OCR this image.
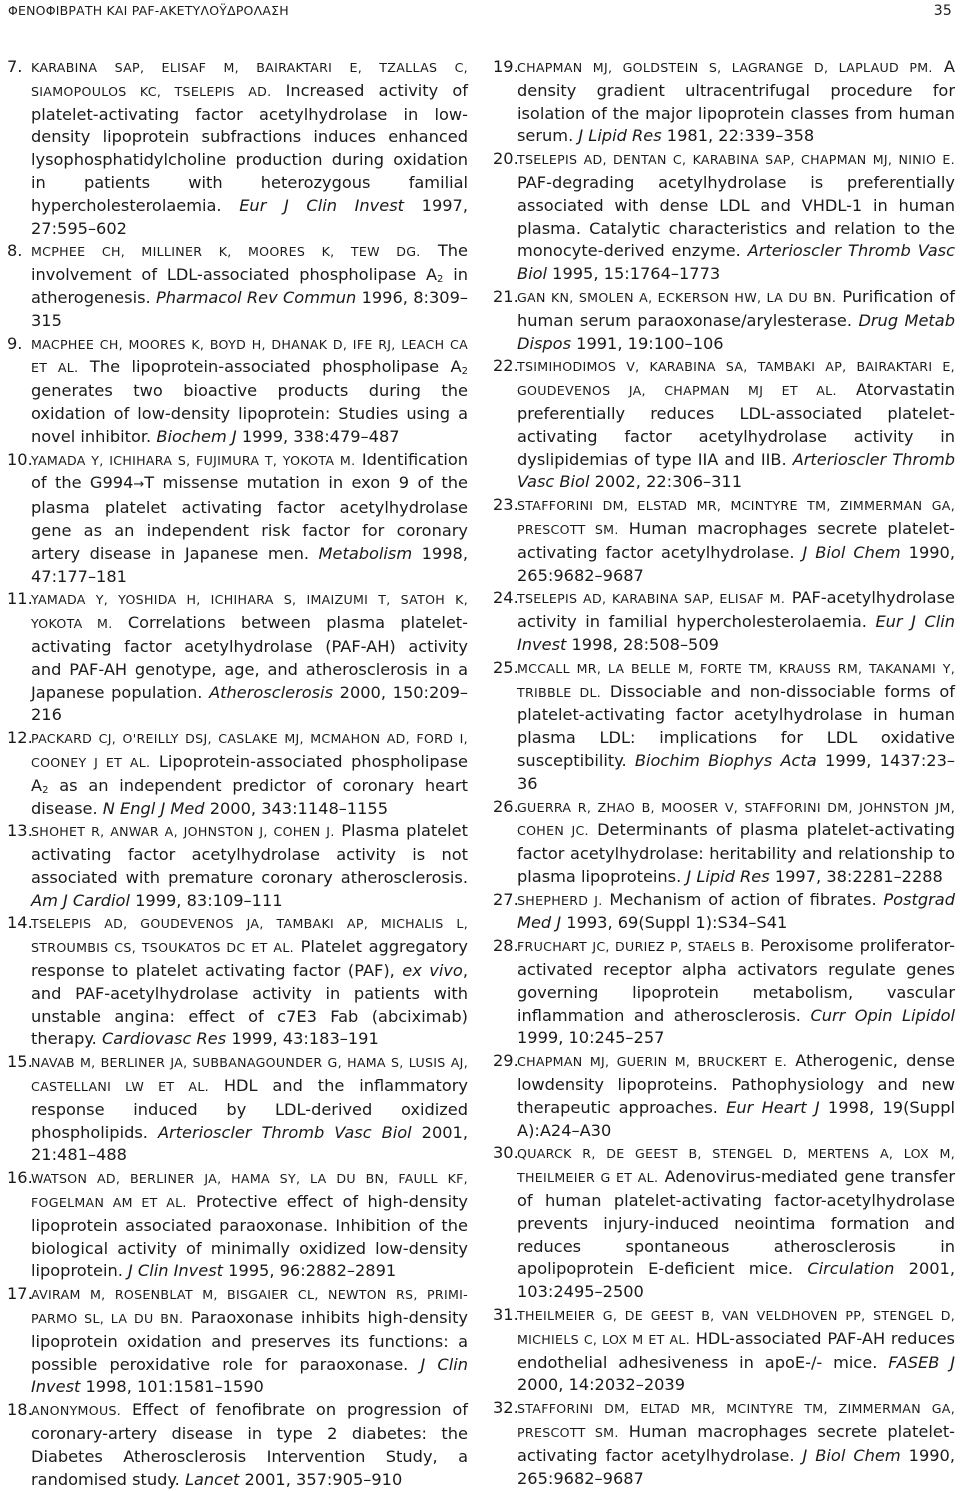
ΦΕΝΟΦΙΒΡΑΤΗ ΚΑΙ PAF-ΑΚΕΤΥΛΟΫΔΡΟΛΑΣΗ	35

7. KARABINA SAP, ELISAF M, BAIRAKTARI E, TZALLAS C, SIAMOPOULOS KC, TSELEPIS AD. Increased activity of platelet-activating factor acetylhydrolase in low-density lipoprotein subfractions induces enhanced lysophosphatidylcholine production during oxidation in patients with heterozygous familial hypercholesterolaemia. Eur J Clin Invest 1997, 27:595–602

8. MCPHEE CH, MILLINER K, MOORES K, TEW DG. The involvement of LDL-associated phospholipase $A_2$ in atherogenesis. Pharmacol Rev Commun 1996, 8:309–315

9. MACPHEE CH, MOORES K, BOYD H, DHANAK D, IFE RJ, LEACH CA ET AL. The lipoprotein-associated phospholipase $A_2$ generates two bioactive products during the oxidation of low-density lipoprotein: Studies using a novel inhibitor. Biochem J 1999, 338:479–487

10.
YAMADA Y, ICHIHARA S, FUJIMURA T, YOKOTA M. Identification of the G994→T missense mutation in exon 9 of the plasma platelet activating factor acetylhydrolase gene as an independent risk factor for coronary artery disease in Japanese men. Metabolism 1998, 47:177–181

11.
YAMADA Y, YOSHIDA H, ICHIHARA S, IMAIZUMI T, SATOH K, YOKOTA M. Correlations between plasma platelet-activating factor acetylhydrolase (PAF-AH) activity and PAF-AH genotype, age, and atherosclerosis in a Japanese population. Atherosclerosis 2000, 150:209–216

12.
PACKARD CJ, O'REILLY DSJ, CASLAKE MJ, MCMAHON AD, FORD I, COONEY J ET AL. Lipoprotein-associated phospholipase $A_2$ as an independent predictor of coronary heart disease. N Engl J Med 2000, 343:1148–1155

13.
SHOHET R, ANWAR A, JOHNSTON J, COHEN J. Plasma platelet activating factor acetylhydrolase activity is not associated with premature coronary atherosclerosis. Am J Cardiol 1999, 83:109–111

14.
TSELEPIS AD, GOUDEVENOS JA, TAMBAKI AP, MICHALIS L, STROUMBIS CS, TSOUKATOS DC ET AL. Platelet aggregatory response to platelet activating factor (PAF), ex vivo, and PAF-acetylhydrolase activity in patients with unstable angina: effect of c7E3 Fab (abciximab) therapy. Cardiovasc Res 1999, 43:183–191

15.
NAVAB M, BERLINER JA, SUBBANAGOUNDER G, HAMA S, LUSIS AJ, CASTELLANI LW ET AL. HDL and the inflammatory response induced by LDL-derived oxidized phospholipids. Arterioscler Thromb Vasc Biol 2001, 21:481–488

16.
WATSON AD, BERLINER JA, HAMA SY, LA DU BN, FAULL KF, FOGELMAN AM ET AL. Protective effect of high-density lipoprotein associated paraoxonase. Inhibition of the biological activity of minimally oxidized low-density lipoprotein. J Clin Invest 1995, 96:2882–2891

17.
AVIRAM M, ROSENBLAT M, BISGAIER CL, NEWTON RS, PRIMI-PARMO SL, LA DU BN. Paraoxonase inhibits high-density lipoprotein oxidation and preserves its functions: a possible peroxidative role for paraoxonase. J Clin Invest 1998, 101:1581–1590

18.
ANONYMOUS. Effect of fenofibrate on progression of coronary-artery disease in type 2 diabetes: the Diabetes Atherosclerosis Intervention Study, a randomised study. Lancet 2001, 357:905–910

19.
CHAPMAN MJ, GOLDSTEIN S, LAGRANGE D, LAPLAUD PM. A density gradient ultracentrifugal procedure for isolation of the major lipoprotein classes from human serum. J Lipid Res 1981, 22:339–358

20.
TSELEPIS AD, DENTAN C, KARABINA SAP, CHAPMAN MJ, NINIO E. PAF-degrading acetylhydrolase is preferentially associated with dense LDL and VHDL-1 in human plasma. Catalytic characteristics and relation to the monocyte-derived enzyme. Arterioscler Thromb Vasc Biol 1995, 15:1764–1773

21.
GAN KN, SMOLEN A, ECKERSON HW, LA DU BN. Purification of human serum paraoxonase/arylesterase. Drug Metab Dispos 1991, 19:100–106

22.
TSIMIHODIMOS V, KARABINA SA, TAMBAKI AP, BAIRAKTARI E, GOUDEVENOS JA, CHAPMAN MJ ET AL. Atorvastatin preferentially reduces LDL-associated platelet-activating factor acetylhydrolase activity in dyslipidemias of type IIA and IIB. Arterioscler Thromb Vasc Biol 2002, 22:306–311

23.
STAFFORINI DM, ELSTAD MR, MCINTYRE TM, ZIMMERMAN GA, PRESCOTT SM. Human macrophages secrete platelet-activating factor acetylhydrolase. J Biol Chem 1990, 265:9682–9687

24.
TSELEPIS AD, KARABINA SAP, ELISAF M. PAF-acetylhydrolase activity in familial hypercholesterolaemia. Eur J Clin Invest 1998, 28:508–509

25.
MCCALL MR, LA BELLE M, FORTE TM, KRAUSS RM, TAKANAMI Y, TRIBBLE DL. Dissociable and non-dissociable forms of platelet-activating factor acetylhydrolase in human plasma LDL: implications for LDL oxidative susceptibility. Biochim Biophys Acta 1999, 1437:23–36

26.
GUERRA R, ZHAO B, MOOSER V, STAFFORINI DM, JOHNSTON JM, COHEN JC. Determinants of plasma platelet-activating factor acetylhydrolase: heritability and relationship to plasma lipoproteins. J Lipid Res 1997, 38:2281–2288

27.
SHEPHERD J. Mechanism of action of fibrates. Postgrad Med J 1993, 69(Suppl 1):S34–S41

28.
FRUCHART JC, DURIEZ P, STAELS B. Peroxisome proliferator-activated receptor alpha activators regulate genes governing lipoprotein metabolism, vascular inflammation and atherosclerosis. Curr Opin Lipidol 1999, 10:245–257

29.
CHAPMAN MJ, GUERIN M, BRUCKERT E. Atherogenic, dense lowdensity lipoproteins. Pathophysiology and new therapeutic approaches. Eur Heart J 1998, 19(Suppl A):A24–A30

30.
QUARCK R, DE GEEST B, STENGEL D, MERTENS A, LOX M, THEILMEIER G ET AL. Adenovirus-mediated gene transfer of human platelet-activating factor-acetylhydrolase prevents injury-induced neointima formation and reduces spontaneous atherosclerosis in apolipoprotein E-deficient mice. Circulation 2001, 103:2495–2500

31.
THEILMEIER G, DE GEEST B, VAN VELDHOVEN PP, STENGEL D, MICHIELS C, LOX M ET AL. HDL-associated PAF-AH reduces endothelial adhesiveness in apoE-/- mice. FASEB J 2000, 14:2032–2039

32.
STAFFORINI DM, ELTAD MR, MCINTYRE TM, ZIMMERMAN GA, PRESCOTT SM. Human macrophages secrete platelet-activating factor acetylhydrolase. J Biol Chem 1990, 265:9682–9687
